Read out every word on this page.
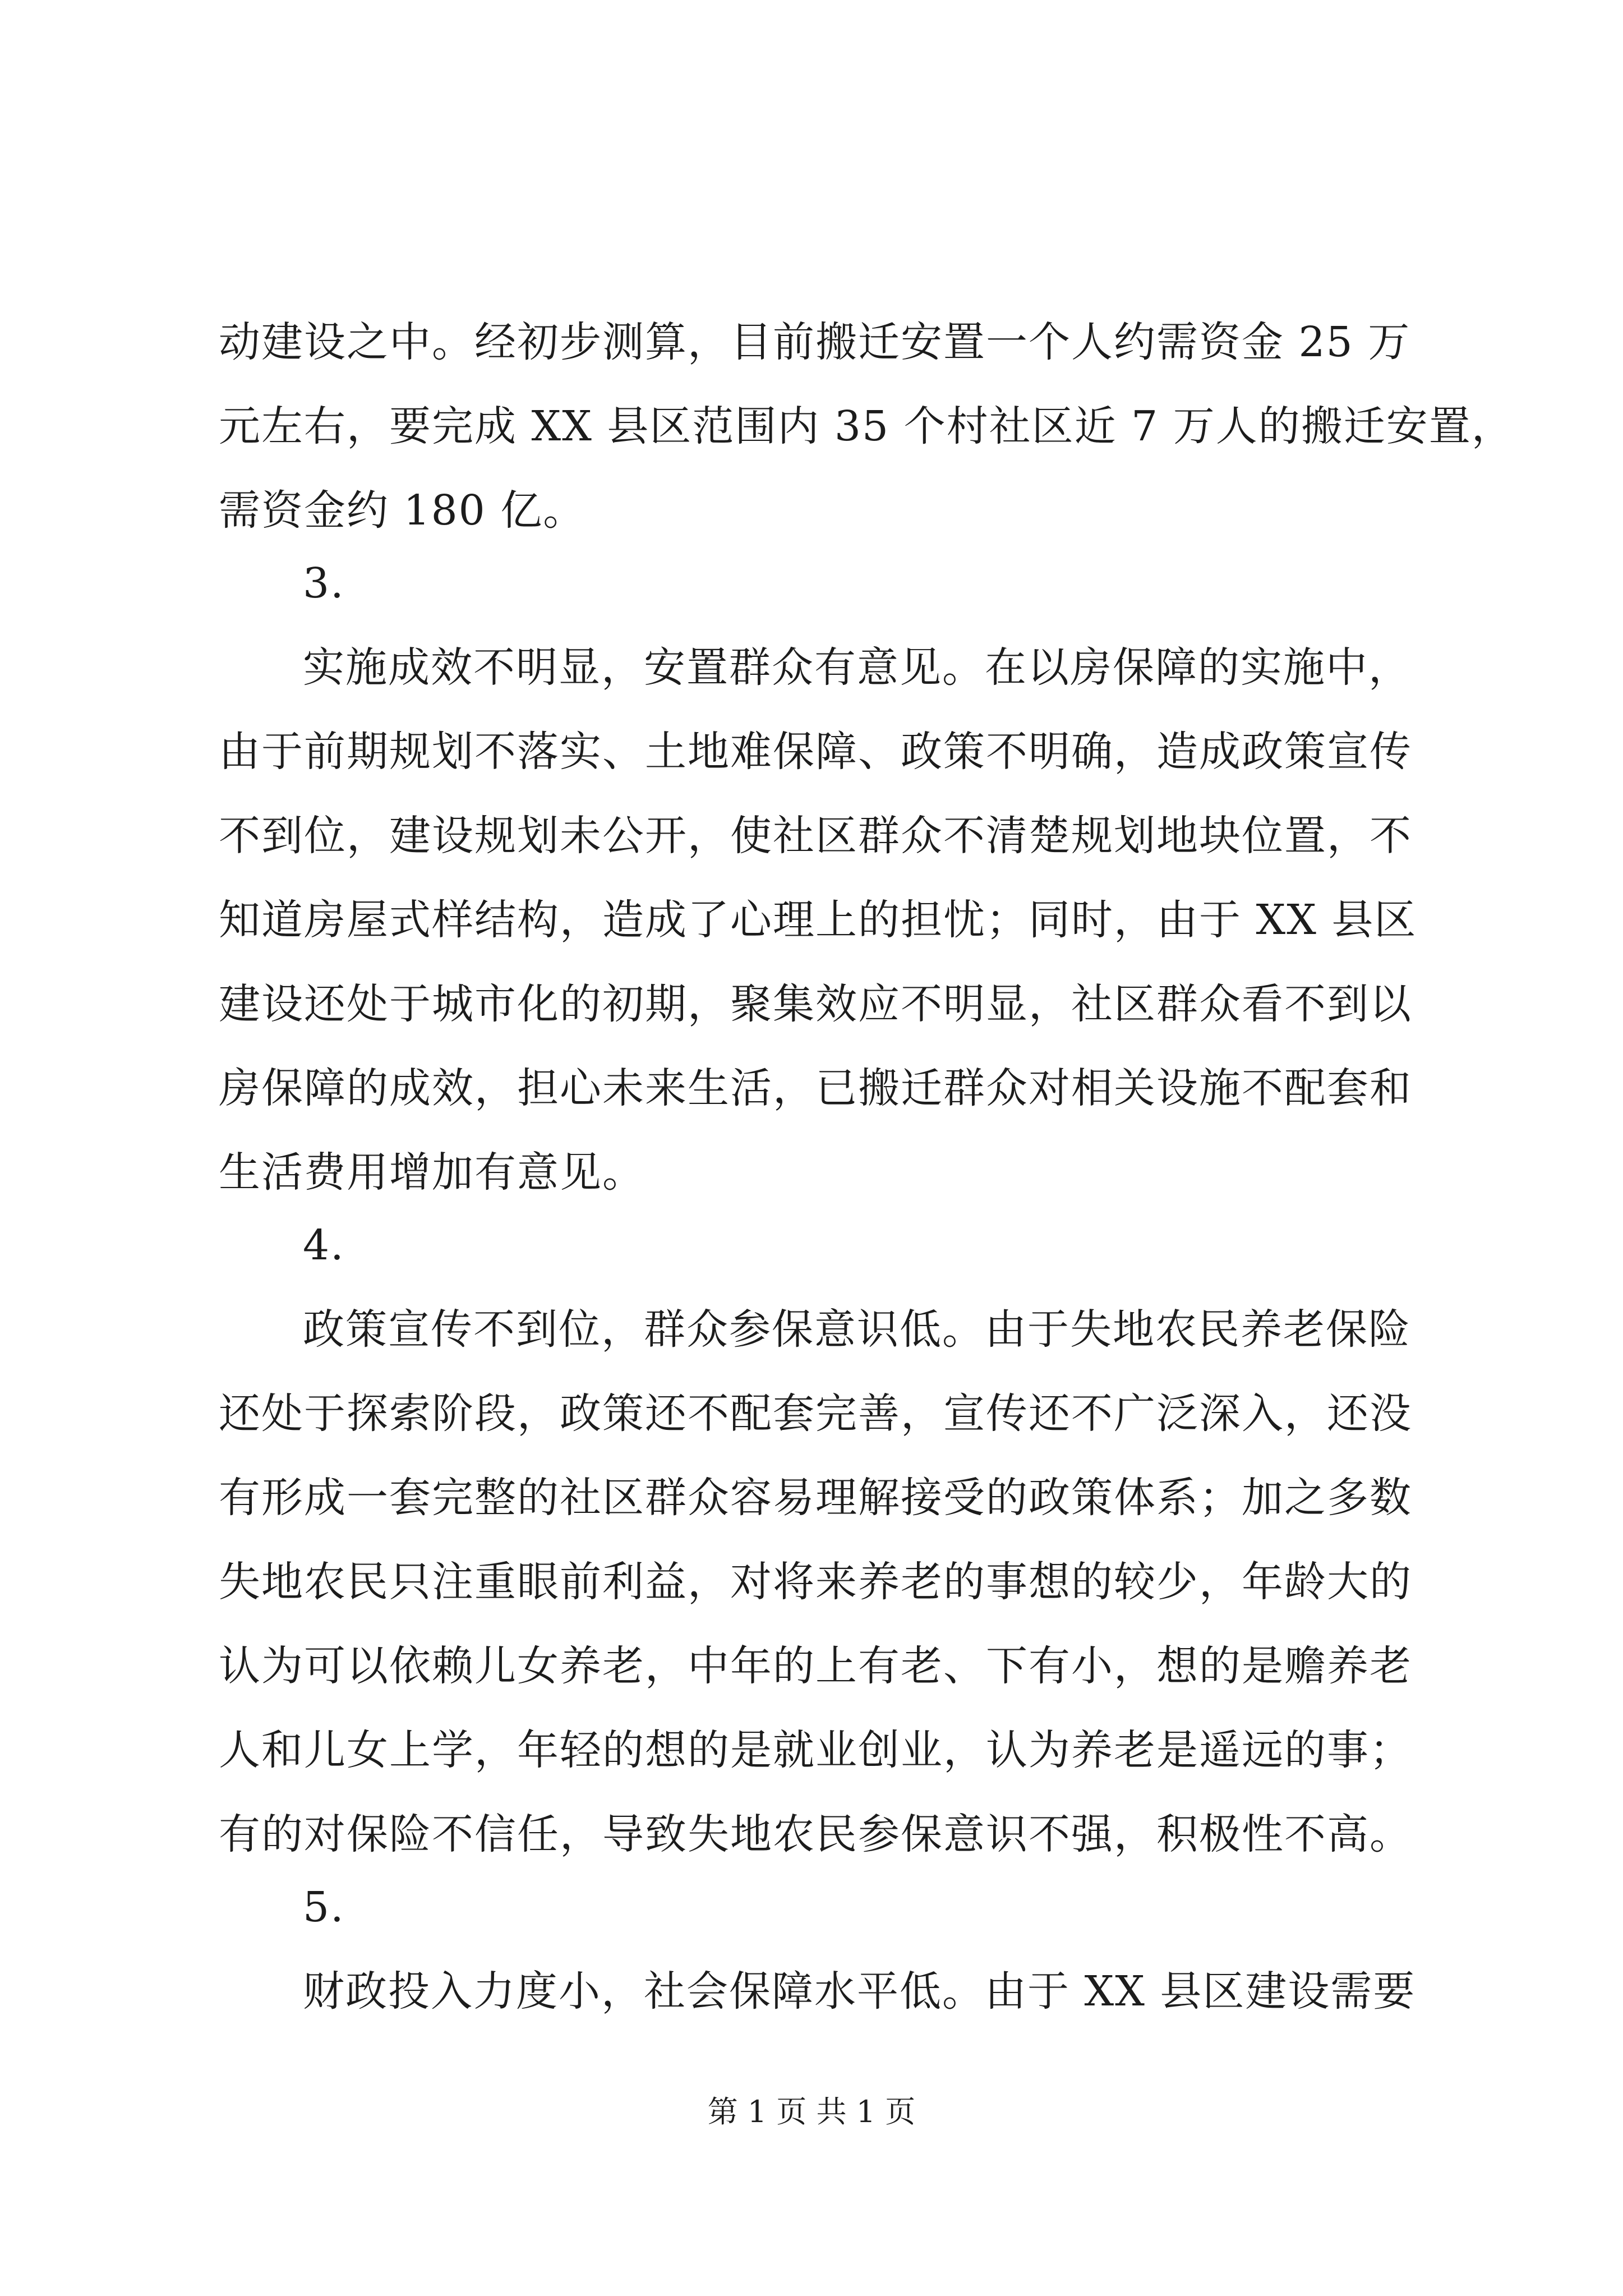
动建设之中。经初步测算，目前搬迁安置一个人约需资金 25 万

元左右，要完成 XX 县区范围内 35 个村社区近 7 万人的搬迁安置，

需资金约 180 亿。

3.

实施成效不明显，安置群众有意见。在以房保障的实施中，

由于前期规划不落实、土地难保障、政策不明确，造成政策宣传

不到位，建设规划未公开，使社区群众不清楚规划地块位置，不

知道房屋式样结构，造成了心理上的担忧；同时，由于 XX 县区

建设还处于城市化的初期，聚集效应不明显，社区群众看不到以

房保障的成效，担心未来生活，已搬迁群众对相关设施不配套和

生活费用增加有意见。

4.

政策宣传不到位，群众参保意识低。由于失地农民养老保险

还处于探索阶段，政策还不配套完善，宣传还不广泛深入，还没

有形成一套完整的社区群众容易理解接受的政策体系；加之多数

失地农民只注重眼前利益，对将来养老的事想的较少，年龄大的

认为可以依赖儿女养老，中年的上有老、下有小，想的是赡养老

人和儿女上学，年轻的想的是就业创业，认为养老是遥远的事；

有的对保险不信任，导致失地农民参保意识不强，积极性不高。

5.

财政投入力度小，社会保障水平低。由于 XX 县区建设需要

第 1 页 共 1 页
